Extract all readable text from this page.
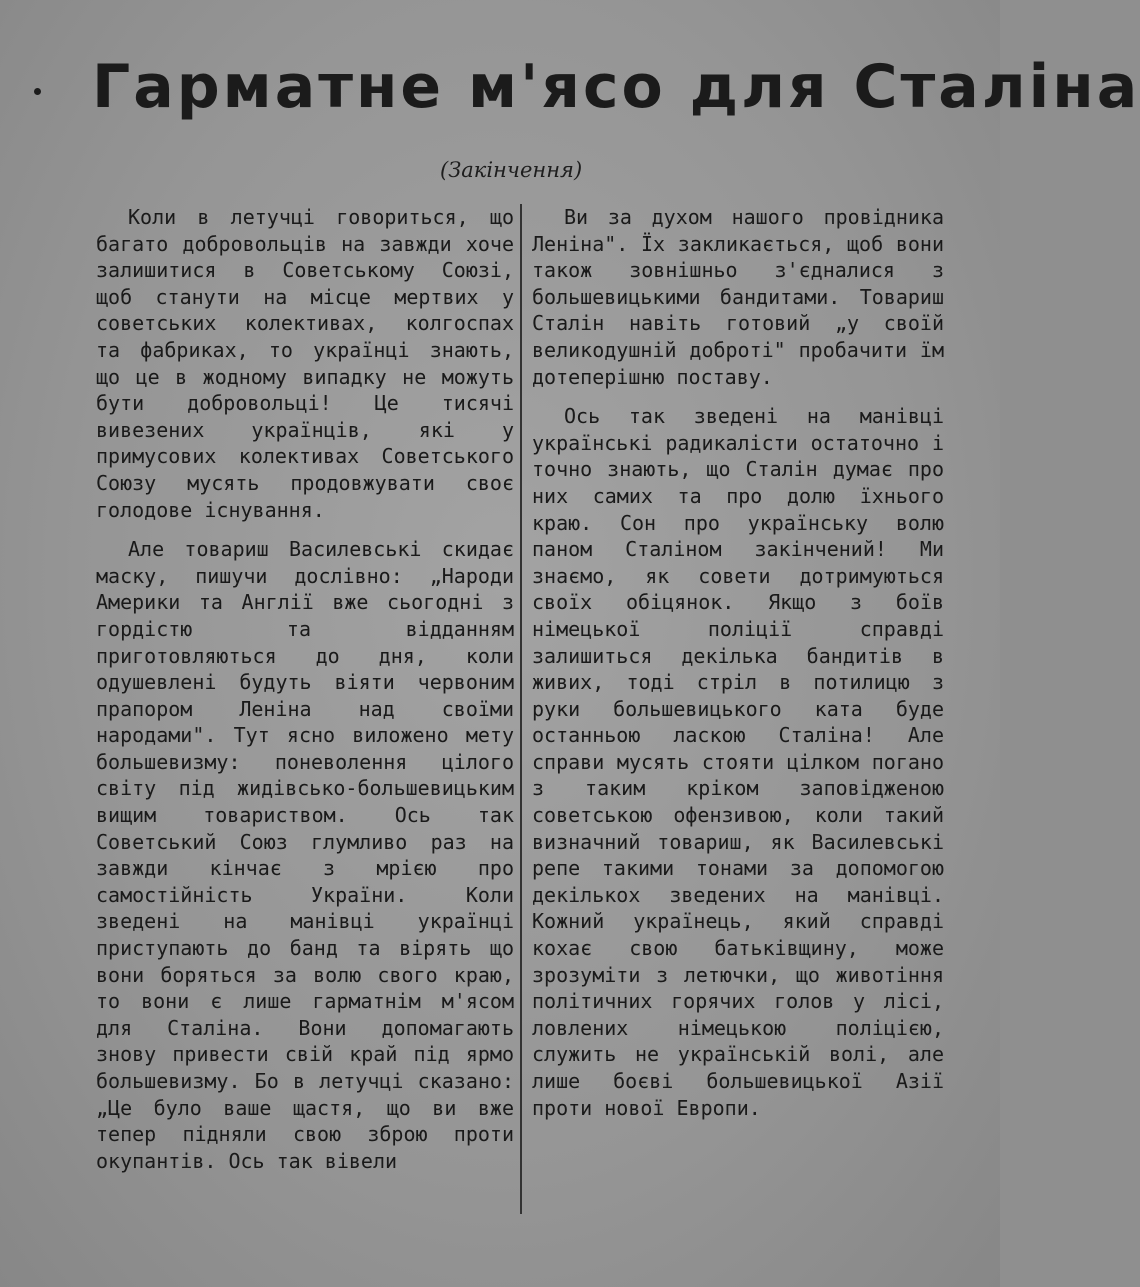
Гарматне м'ясо для Сталіна
(Закінчення)

Коли в летучці говориться, що багато добровольців на завжди хоче залишитися в Советському Союзі, щоб станути на місце мертвих у советських колективах, колгоспах та фабриках, то українці знають, що це в жодному випадку не можуть бути добровольці! Це тисячі вивезених українців, які у примусових колективах Советського Союзу мусять продовжувати своє голодове існування.

Але товариш Василевські скидає маску, пишучи дослівно: „Народи Америки та Англії вже сьогодні з гордістю та відданням приготовляються до дня, коли одушевлені будуть віяти червоним прапором Леніна над своїми народами". Тут ясно виложено мету большевизму: поневолення цілого світу під жидівсько-большевицьким вищим товариством. Ось так Советський Союз глумливо раз на завжди кінчає з мрією про самостійність України. Коли зведені на манівці українці приступають до банд та вірять що вони боряться за волю свого краю, то вони є лише гарматнім м'ясом для Сталіна. Вони допомагають знову привести свій край під ярмо большевизму. Бо в летучці сказано: „Це було ваше щастя, що ви вже тепер підняли свою зброю проти окупантів. Ось так вівели

Ви за духом нашого провідника Леніна". Їх закликається, щоб вони також зовнішньо з'єдналися з большевицькими бандитами. Товариш Сталін навіть готовий „у своїй великодушній доброті" пробачити їм дотеперішню поставу.

Ось так зведені на манівці українські радикалісти остаточно і точно знають, що Сталін думає про них самих та про долю їхнього краю. Сон про українську волю паном Сталіном закінчений! Ми знаємо, як совети дотримуються своїх обіцянок. Якщо з боїв німецької поліції справді залишиться декілька бандитів в живих, тоді стріл в потилицю з руки большевицького ката буде останньою ласкою Сталіна! Але справи мусять стояти цілком погано з таким кріком заповідженою советською офензивою, коли такий визначний товариш, як Василевські репе такими тонами за допомогою декількох зведених на манівці. Кожний українець, який справді кохає свою батьківщину, може зрозуміти з летючки, що животіння політичних горячих голов у лісі, ловлених німецькою поліцією, служить не українській волі, але лише боєві большевицької Азії проти нової Европи.
